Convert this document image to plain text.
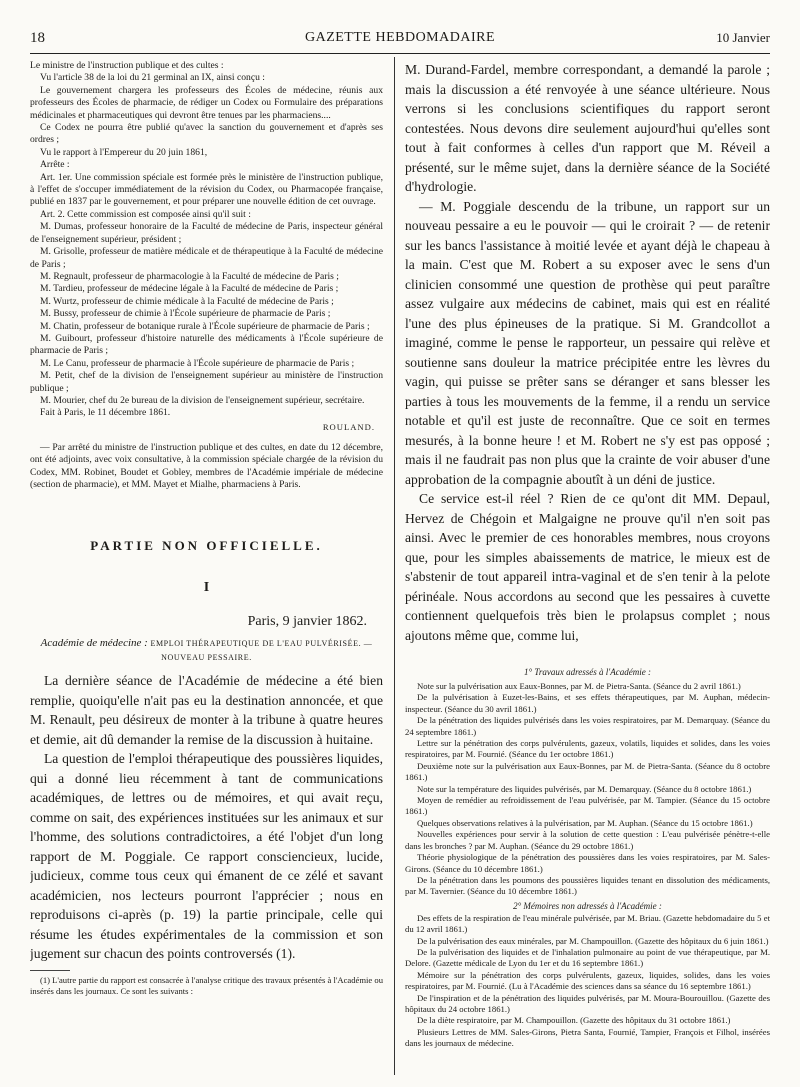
18	GAZETTE HEBDOMADAIRE	10 Janvier

Le ministre de l'instruction publique et des cultes :

Vu l'article 38 de la loi du 21 germinal an IX, ainsi conçu :

Le gouvernement chargera les professeurs des Écoles de médecine, réunis aux professeurs des Écoles de pharmacie, de rédiger un Codex ou Formulaire des préparations médicinales et pharmaceutiques qui devront être tenues par les pharmaciens....

Ce Codex ne pourra être publié qu'avec la sanction du gouvernement et d'après ses ordres ;

Vu le rapport à l'Empereur du 20 juin 1861,

Arrête :

Art. 1er. Une commission spéciale est formée près le ministère de l'instruction publique, à l'effet de s'occuper immédiatement de la révision du Codex, ou Pharmacopée française, publié en 1837 par le gouvernement, et pour préparer une nouvelle édition de cet ouvrage.

Art. 2. Cette commission est composée ainsi qu'il suit :

M. Dumas, professeur honoraire de la Faculté de médecine de Paris, inspecteur général de l'enseignement supérieur, président ;

M. Grisolle, professeur de matière médicale et de thérapeutique à la Faculté de médecine de Paris ;

M. Regnault, professeur de pharmacologie à la Faculté de médecine de Paris ;

M. Tardieu, professeur de médecine légale à la Faculté de médecine de Paris ;

M. Wurtz, professeur de chimie médicale à la Faculté de médecine de Paris ;

M. Bussy, professeur de chimie à l'École supérieure de pharmacie de Paris ;

M. Chatin, professeur de botanique rurale à l'École supérieure de pharmacie de Paris ;

M. Guibourt, professeur d'histoire naturelle des médicaments à l'École supérieure de pharmacie de Paris ;

M. Le Canu, professeur de pharmacie à l'École supérieure de pharmacie de Paris ;

M. Petit, chef de la division de l'enseignement supérieur au ministère de l'instruction publique ;

M. Mourier, chef du 2e bureau de la division de l'enseignement supérieur, secrétaire.

Fait à Paris, le 11 décembre 1861.

ROULAND.

— Par arrêté du ministre de l'instruction publique et des cultes, en date du 12 décembre, ont été adjoints, avec voix consultative, à la commission spéciale chargée de la révision du Codex, MM. Robinet, Boudet et Gobley, membres de l'Académie impériale de médecine (section de pharmacie), et MM. Mayet et Mialhe, pharmaciens à Paris.

PARTIE NON OFFICIELLE.
I
Paris, 9 janvier 1862.
Académie de médecine : EMPLOI THÉRAPEUTIQUE DE L'EAU PULVÉRISÉE. — NOUVEAU PESSAIRE.

La dernière séance de l'Académie de médecine a été bien remplie, quoiqu'elle n'ait pas eu la destination annoncée, et que M. Renault, peu désireux de monter à la tribune à quatre heures et demie, ait dû demander la remise de la discussion à huitaine.

La question de l'emploi thérapeutique des poussières liquides, qui a donné lieu récemment à tant de communications académiques, de lettres ou de mémoires, et qui avait reçu, comme on sait, des expériences instituées sur les animaux et sur l'homme, des solutions contradictoires, a été l'objet d'un long rapport de M. Poggiale. Ce rapport consciencieux, lucide, judicieux, comme tous ceux qui émanent de ce zélé et savant académicien, nos lecteurs pourront l'apprécier ; nous en reproduisons ci-après (p. 19) la partie principale, celle qui résume les études expérimentales de la commission et son jugement sur chacun des points controversés (1).

(1) L'autre partie du rapport est consacrée à l'analyse critique des travaux présentés à l'Académie ou insérés dans les journaux. Ce sont les suivants :

M. Durand-Fardel, membre correspondant, a demandé la parole ; mais la discussion a été renvoyée à une séance ultérieure. Nous verrons si les conclusions scientifiques du rapport seront contestées. Nous devons dire seulement aujourd'hui qu'elles sont tout à fait conformes à celles d'un rapport que M. Réveil a présenté, sur le même sujet, dans la dernière séance de la Société d'hydrologie.

— M. Poggiale descendu de la tribune, un rapport sur un nouveau pessaire a eu le pouvoir — qui le croirait ? — de retenir sur les bancs l'assistance à moitié levée et ayant déjà le chapeau à la main. C'est que M. Robert a su exposer avec le sens d'un clinicien consommé une question de prothèse qui peut paraître assez vulgaire aux médecins de cabinet, mais qui est en réalité l'une des plus épineuses de la pratique. Si M. Grandcollot a imaginé, comme le pense le rapporteur, un pessaire qui relève et soutienne sans douleur la matrice précipitée entre les lèvres du vagin, qui puisse se prêter sans se déranger et sans blesser les parties à tous les mouvements de la femme, il a rendu un service notable et qu'il est juste de reconnaître. Que ce soit en termes mesurés, à la bonne heure ! et M. Robert ne s'y est pas opposé ; mais il ne faudrait pas non plus que la crainte de voir abuser d'une approbation de la compagnie aboutît à un déni de justice.

Ce service est-il réel ? Rien de ce qu'ont dit MM. Depaul, Hervez de Chégoin et Malgaigne ne prouve qu'il n'en soit pas ainsi. Avec le premier de ces honorables membres, nous croyons que, pour les simples abaissements de matrice, le mieux est de s'abstenir de tout appareil intra-vaginal et de s'en tenir à la pelote périnéale. Nous accordons au second que les pessaires à cuvette contiennent quelquefois très bien le prolapsus complet ; nous ajoutons même que, comme lui,

1° Travaux adressés à l'Académie :

Note sur la pulvérisation aux Eaux-Bonnes, par M. de Pietra-Santa. (Séance du 2 avril 1861.)

De la pulvérisation à Euzet-les-Bains, et ses effets thérapeutiques, par M. Auphan, médecin-inspecteur. (Séance du 30 avril 1861.)

De la pénétration des liquides pulvérisés dans les voies respiratoires, par M. Demarquay. (Séance du 24 septembre 1861.)

Lettre sur la pénétration des corps pulvérulents, gazeux, volatils, liquides et solides, dans les voies respiratoires, par M. Fournié. (Séance du 1er octobre 1861.)

Deuxième note sur la pulvérisation aux Eaux-Bonnes, par M. de Pietra-Santa. (Séance du 8 octobre 1861.)

Note sur la température des liquides pulvérisés, par M. Demarquay. (Séance du 8 octobre 1861.)

Moyen de remédier au refroidissement de l'eau pulvérisée, par M. Tampier. (Séance du 15 octobre 1861.)

Quelques observations relatives à la pulvérisation, par M. Auphan. (Séance du 15 octobre 1861.)

Nouvelles expériences pour servir à la solution de cette question : L'eau pulvérisée pénètre-t-elle dans les bronches ? par M. Auphan. (Séance du 29 octobre 1861.)

Théorie physiologique de la pénétration des poussières dans les voies respiratoires, par M. Sales-Girons. (Séance du 10 décembre 1861.)

De la pénétration dans les poumons des poussières liquides tenant en dissolution des médicaments, par M. Tavernier. (Séance du 10 décembre 1861.)

2° Mémoires non adressés à l'Académie :

Des effets de la respiration de l'eau minérale pulvérisée, par M. Briau. (Gazette hebdomadaire du 5 et du 12 avril 1861.)

De la pulvérisation des eaux minérales, par M. Champouillon. (Gazette des hôpitaux du 6 juin 1861.)

De la pulvérisation des liquides et de l'inhalation pulmonaire au point de vue thérapeutique, par M. Delore. (Gazette médicale de Lyon du 1er et du 16 septembre 1861.)

Mémoire sur la pénétration des corps pulvérulents, gazeux, liquides, solides, dans les voies respiratoires, par M. Fournié. (Lu à l'Académie des sciences dans sa séance du 16 septembre 1861.)

De l'inspiration et de la pénétration des liquides pulvérisés, par M. Moura-Bourouillou. (Gazette des hôpitaux du 24 octobre 1861.)

De la diète respiratoire, par M. Champouillon. (Gazette des hôpitaux du 31 octobre 1861.)

Plusieurs Lettres de MM. Sales-Girons, Pietra Santa, Fournié, Tampier, François et Filhol, insérées dans les journaux de médecine.
